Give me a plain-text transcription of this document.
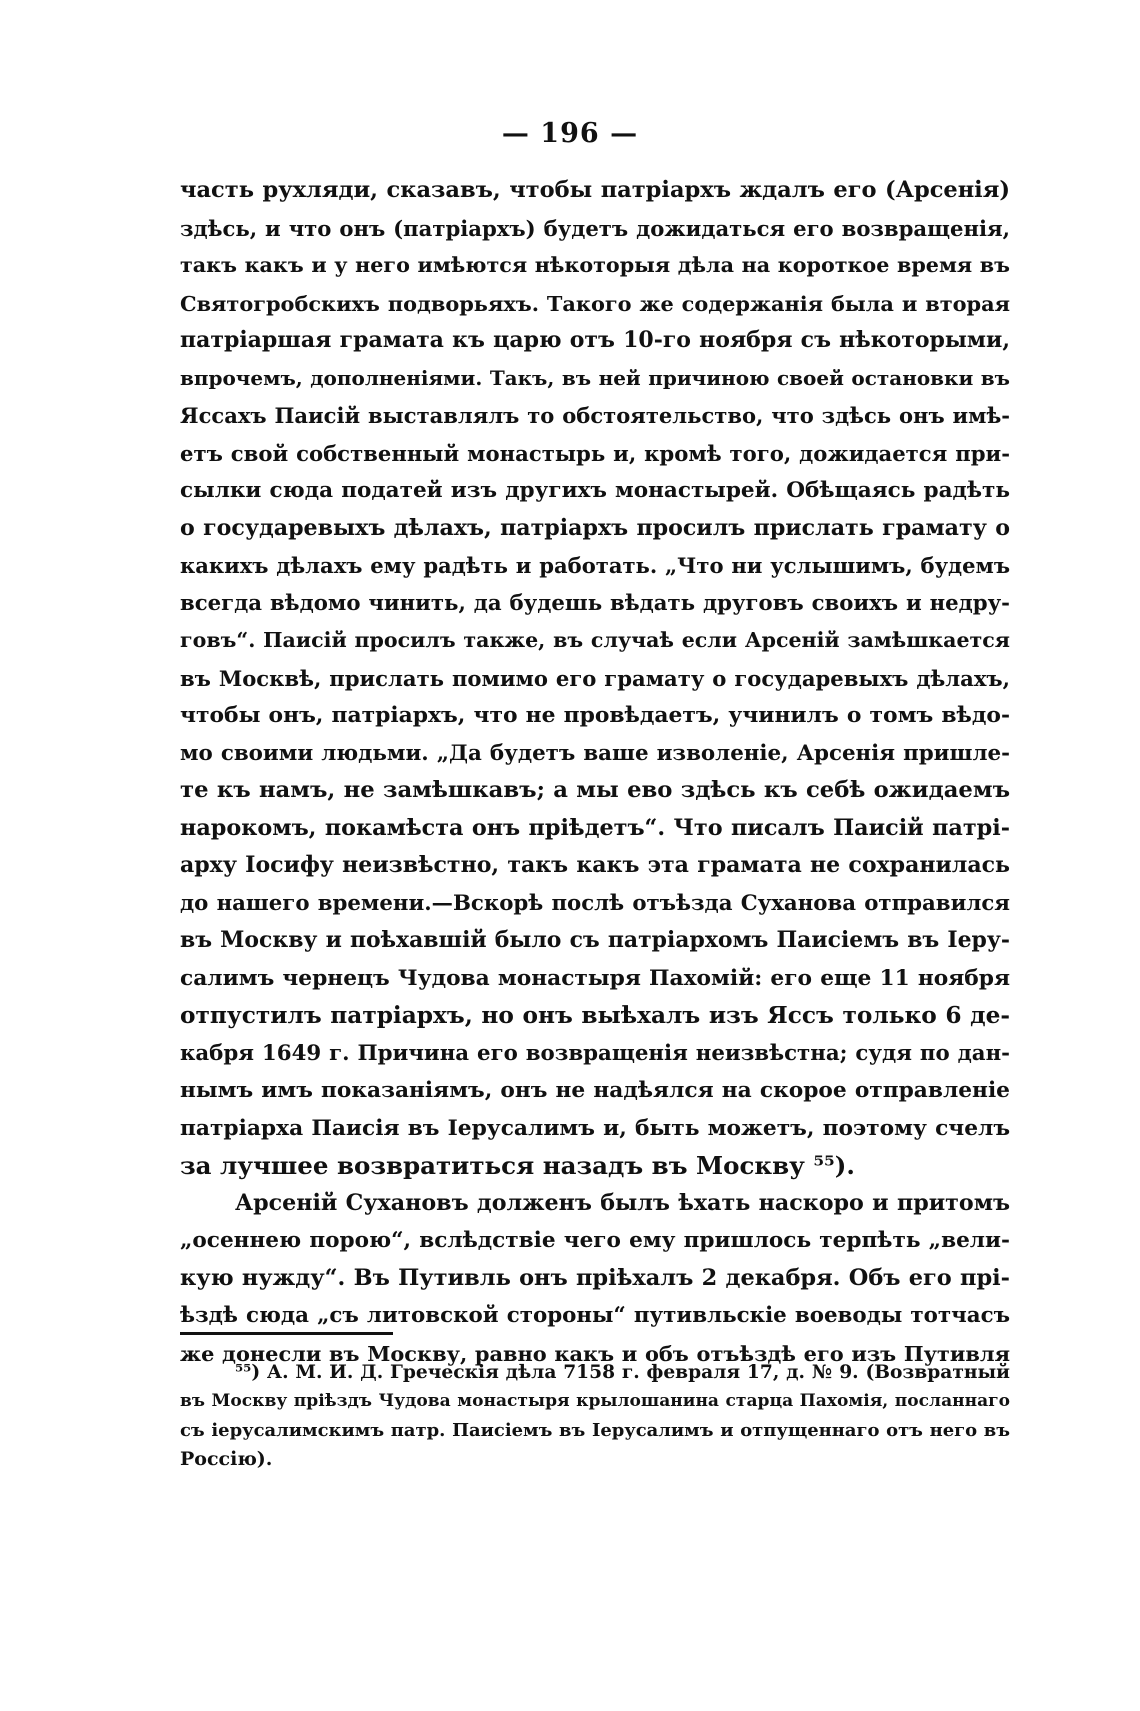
— 196 —
часть рухляди, сказавъ, чтобы патріархъ ждалъ его (Арсенія)
здѣсь, и что онъ (патріархъ) будетъ дожидаться его возвращенія,
такъ какъ и у него имѣются нѣкоторыя дѣла на короткое время въ
Святогробскихъ подворьяхъ. Такого же содержанія была и вторая
патріаршая грамата къ царю отъ 10-го ноября съ нѣкоторыми,
впрочемъ, дополненіями. Такъ, въ ней причиною своей остановки въ
Яссахъ Паисій выставлялъ то обстоятельство, что здѣсь онъ имѣ-
етъ свой собственный монастырь и, кромѣ того, дожидается при-
сылки сюда податей изъ другихъ монастырей. Обѣщаясь радѣть
о государевыхъ дѣлахъ, патріархъ просилъ прислать грамату о
какихъ дѣлахъ ему радѣть и работать. „Что ни услышимъ, будемъ
всегда вѣдомо чинить, да будешь вѣдать друговъ своихъ и недру-
говъ“. Паисій просилъ также, въ случаѣ если Арсеній замѣшкается
въ Москвѣ, прислать помимо его грамату о государевыхъ дѣлахъ,
чтобы онъ, патріархъ, что не провѣдаетъ, учинилъ о томъ вѣдо-
мо своими людьми. „Да будетъ ваше изволеніе, Арсенія пришле-
те къ намъ, не замѣшкавъ; а мы ево здѣсь къ себѣ ожидаемъ
нарокомъ, покамѣста онъ пріѣдетъ“. Что писалъ Паисій патрі-
арху Іосифу неизвѣстно, такъ какъ эта грамата не сохранилась
до нашего времени.—Вскорѣ послѣ отъѣзда Суханова отправился
въ Москву и поѣхавшій было съ патріархомъ Паисіемъ въ Іеру-
салимъ чернецъ Чудова монастыря Пахомій: его еще 11 ноября
отпустилъ патріархъ, но онъ выѣхалъ изъ Яссъ только 6 де-
кабря 1649 г. Причина его возвращенія неизвѣстна; судя по дан-
нымъ имъ показаніямъ, онъ не надѣялся на скорое отправленіе
патріарха Паисія въ Іерусалимъ и, быть можетъ, поэтому счелъ
за лучшее возвратиться назадъ въ Москву ⁵⁵).
Арсеній Сухановъ долженъ былъ ѣхать наскоро и притомъ
„осеннею порою“, вслѣдствіе чего ему пришлось терпѣть „вели-
кую нужду“. Въ Путивль онъ пріѣхалъ 2 декабря. Объ его прі-
ѣздѣ сюда „съ литовской стороны“ путивльскіе воеводы тотчасъ
же донесли въ Москву, равно какъ и объ отъѣздѣ его изъ Путивля
⁵⁵) А. М. И. Д. Греческія дѣла 7158 г. февраля 17, д. № 9. (Возвратный
въ Москву пріѣздъ Чудова монастыря крылошанина старца Пахомія, посланнаго
съ іерусалимскимъ патр. Паисіемъ въ Іерусалимъ и отпущеннаго отъ него въ
Россію).
